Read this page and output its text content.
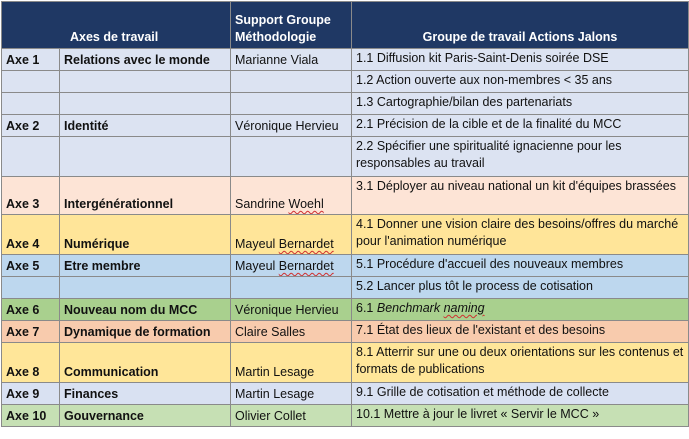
Axes de travail		Support Groupe Méthodologie	Groupe de travail Actions Jalons
Axe 1	Relations avec le monde	Marianne Viala	1.1 Diffusion kit Paris-Saint-Denis soirée DSE
			1.2 Action ouverte aux non-membres < 35 ans
			1.3 Cartographie/bilan des partenariats
Axe 2	Identité	Véronique Hervieu	2.1 Précision de la cible et de la finalité du MCC
			2.2 Spécifier une spiritualité ignacienne pour les responsables au travail
Axe 3	Intergénérationnel	Sandrine Woehl	3.1 Déployer au niveau national un kit d'équipes brassées
Axe 4	Numérique	Mayeul Bernardet	4.1 Donner une vision claire des besoins/offres du marché pour l'animation numérique
Axe 5	Etre membre	Mayeul Bernardet	5.1 Procédure d'accueil des nouveaux membres
			5.2 Lancer plus tôt le process de cotisation
Axe 6	Nouveau nom du MCC	Véronique Hervieu	6.1 Benchmark naming
Axe 7	Dynamique de formation	Claire Salles	7.1 État des lieux de l'existant et des besoins
Axe 8	Communication	Martin Lesage	8.1 Atterrir sur une ou deux orientations sur les contenus et formats de publications
Axe 9	Finances	Martin Lesage	9.1 Grille de cotisation et méthode de collecte
Axe 10	Gouvernance	Olivier Collet	10.1 Mettre à jour le livret « Servir le MCC »
